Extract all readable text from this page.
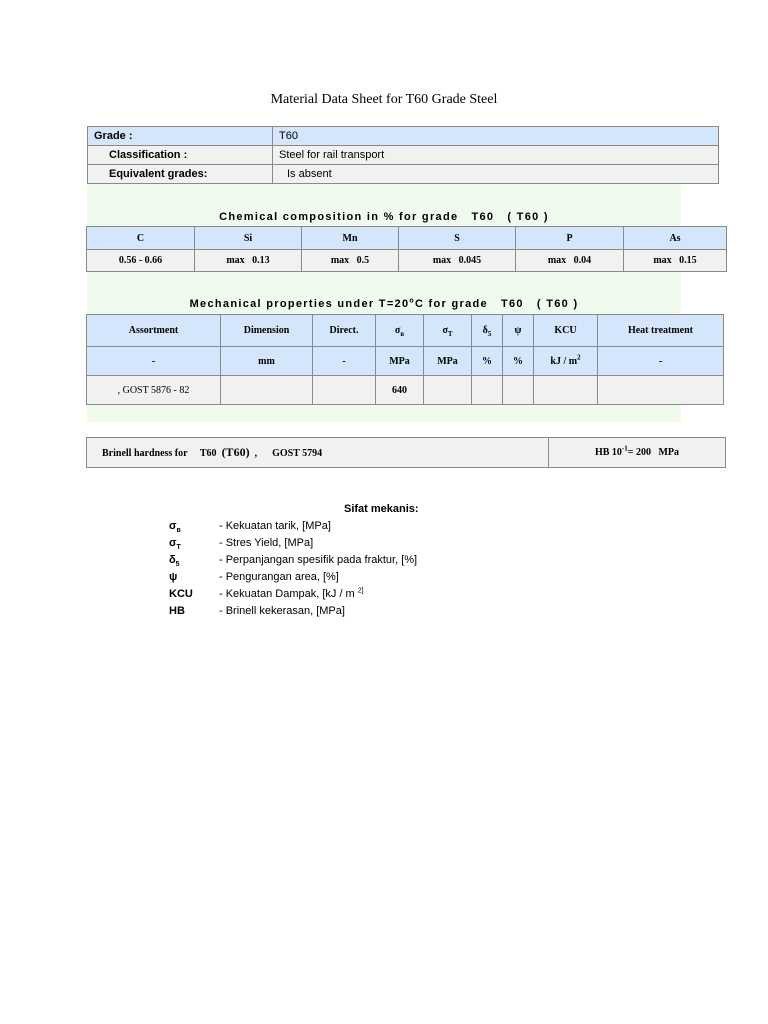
Material Data Sheet for T60 Grade Steel
Grade :	T60
Classification :	Steel for rail transport
Equivalent grades:	Is absent
Chemical composition in % for grade   T60   ( T60 )
C	Si	Mn	S	P	As
0.56 - 0.66	max   0.13	max   0.5	max   0.045	max   0.04	max   0.15
Mechanical properties under $T=20^oC$ for grade   T60   ( T60 )
Assortment	Dimension	Direct.	$\sigma_в$	$\sigma_T$	$\delta_5$	ψ	KCU	Heat treatment
-	mm	-	MPa	MPa	%	%	kJ / $m^2$	-
, GOST 5876 - 82			640					
Brinell hardness for T60 (T60) , GOST 5794	HB $10^{-1}= 200$   MPa
Sifat mekanis:
$\sigma_в$	- Kekuatan tarik, [MPa]
$\sigma_T$	- Stres Yield, [MPa]
$\delta_5$	- Perpanjangan spesifik pada fraktur, [%]
ψ	- Pengurangan area, [%]
KCU - Kekuatan Dampak, [kJ / m $^{2]}$
HB	- Brinell kekerasan, [MPa]
